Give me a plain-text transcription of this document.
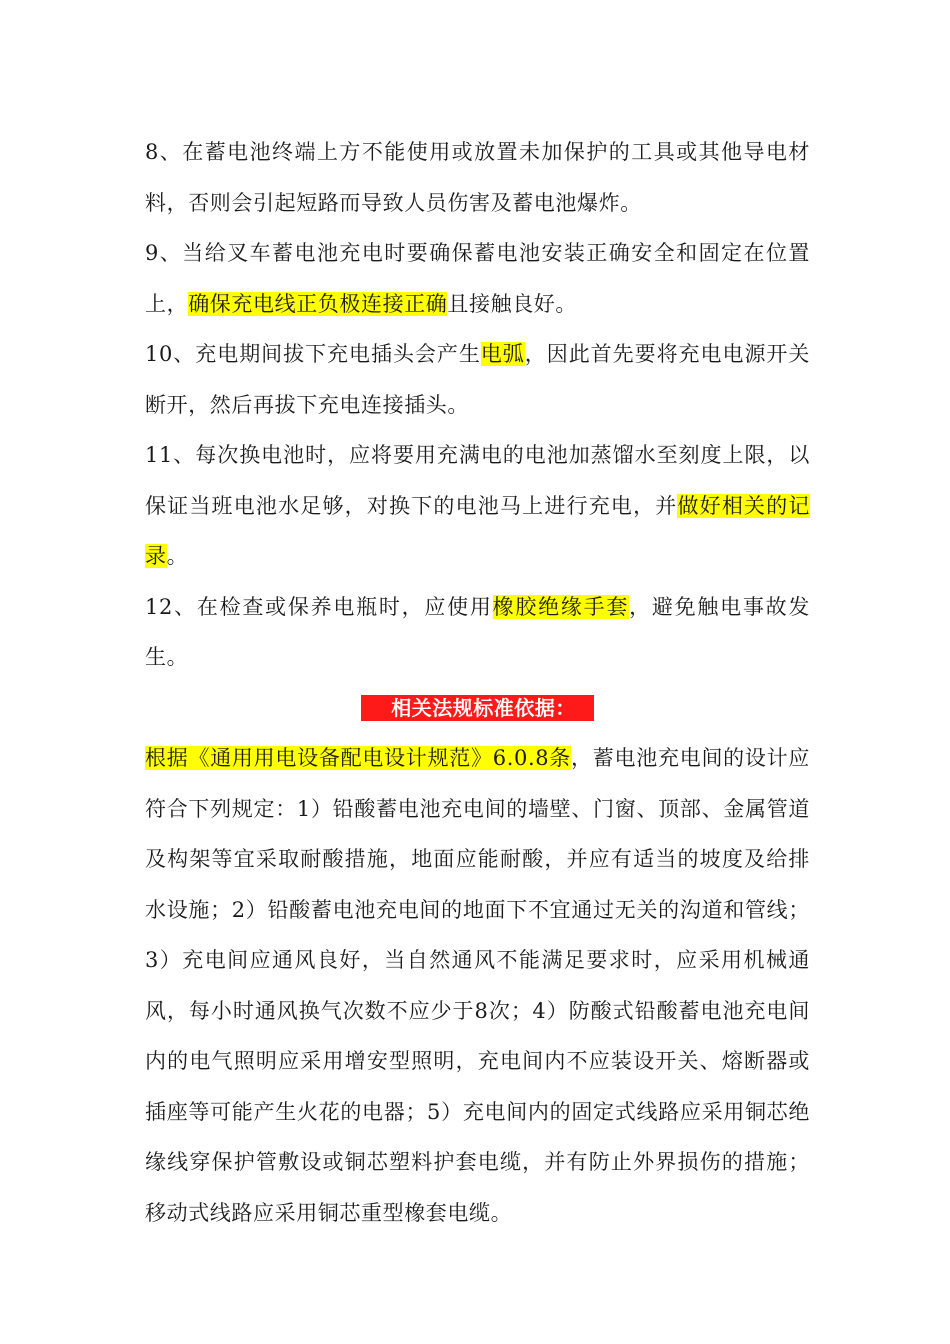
8、在蓄电池终端上方不能使用或放置未加保护的工具或其他导电材料，否则会引起短路而导致人员伤害及蓄电池爆炸。

9、当给叉车蓄电池充电时要确保蓄电池安装正确安全和固定在位置上，确保充电线正负极连接正确且接触良好。

10、充电期间拔下充电插头会产生电弧，因此首先要将充电电源开关断开，然后再拔下充电连接插头。

11、每次换电池时，应将要用充满电的电池加蒸馏水至刻度上限，以保证当班电池水足够，对换下的电池马上进行充电，并做好相关的记录。

12、在检查或保养电瓶时，应使用橡胶绝缘手套，避免触电事故发生。

相关法规标准依据：

根据《通用用电设备配电设计规范》6.0.8条，蓄电池充电间的设计应符合下列规定：1）铅酸蓄电池充电间的墙壁、门窗、顶部、金属管道及构架等宜采取耐酸措施，地面应能耐酸，并应有适当的坡度及给排水设施；2）铅酸蓄电池充电间的地面下不宜通过无关的沟道和管线；3）充电间应通风良好，当自然通风不能满足要求时，应采用机械通风，每小时通风换气次数不应少于8次；4）防酸式铅酸蓄电池充电间内的电气照明应采用增安型照明，充电间内不应装设开关、熔断器或插座等可能产生火花的电器；5）充电间内的固定式线路应采用铜芯绝缘线穿保护管敷设或铜芯塑料护套电缆，并有防止外界损伤的措施；移动式线路应采用铜芯重型橡套电缆。
